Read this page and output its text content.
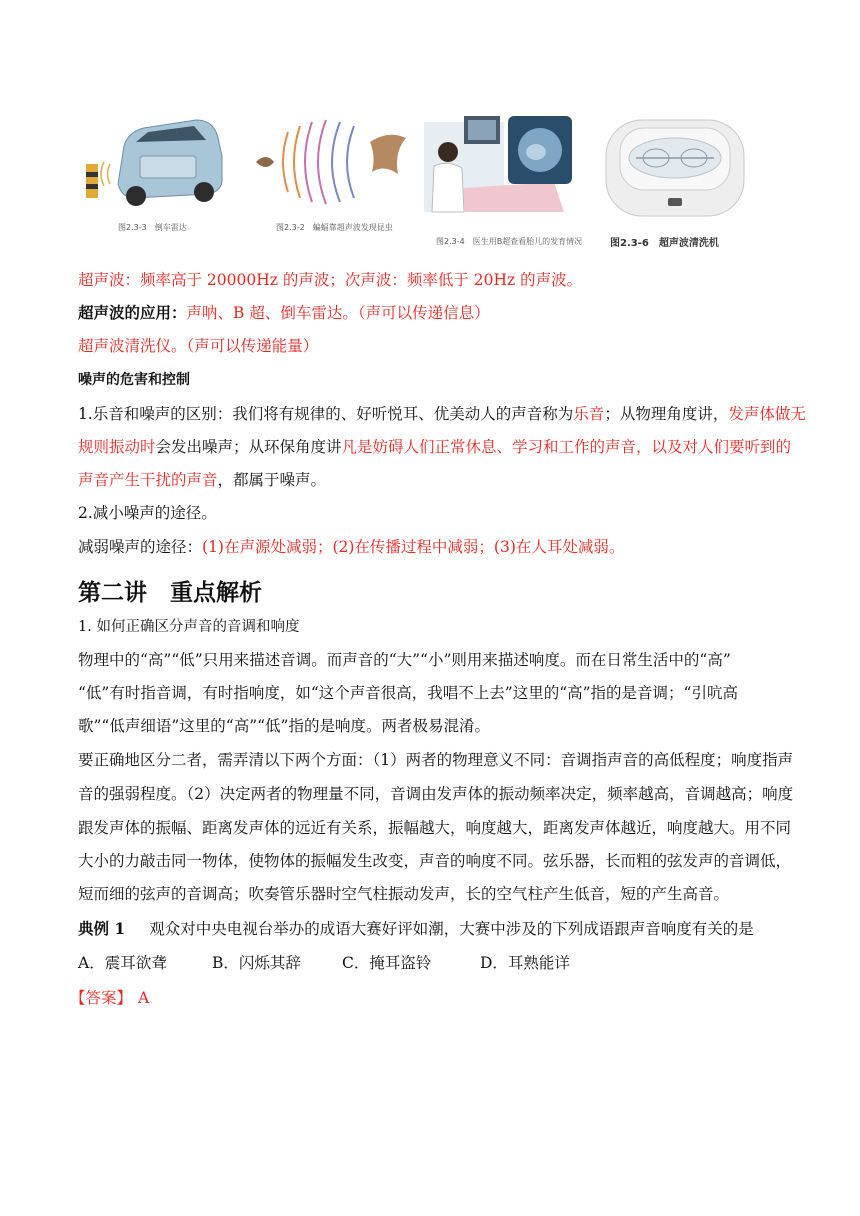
图2.3-3　倒车雷达	图2.3-2　蝙蝠靠超声波发现昆虫
图2.3-4　医生用B超查看胎儿的发育情况	图2.3-6　超声波清洗机
超声波：频率高于 20000Hz 的声波；次声波：频率低于 20Hz 的声波。
超声波的应用：声呐、B 超、倒车雷达。（声可以传递信息）
超声波清洗仪。（声可以传递能量）
噪声的危害和控制
1.乐音和噪声的区别：我们将有规律的、好听悦耳、优美动人的声音称为乐音；从物理角度讲，发声体做无
规则振动时会发出噪声；从环保角度讲凡是妨碍人们正常休息、学习和工作的声音，以及对人们要听到的
声音产生干扰的声音，都属于噪声。
2.减小噪声的途径。
减弱噪声的途径：(1)在声源处减弱；(2)在传播过程中减弱；(3)在人耳处减弱。
第二讲　重点解析
1. 如何正确区分声音的音调和响度
物理中的“高”“低”只用来描述音调。而声音的“大”“小”则用来描述响度。而在日常生活中的“高”
“低”有时指音调，有时指响度，如“这个声音很高，我唱不上去”这里的“高”指的是音调；“引吭高
歌”“低声细语”这里的“高”“低”指的是响度。两者极易混淆。
要正确地区分二者，需弄清以下两个方面：（1）两者的物理意义不同：音调指声音的高低程度；响度指声
音的强弱程度。（2）决定两者的物理量不同，音调由发声体的振动频率决定，频率越高，音调越高；响度
跟发声体的振幅、距离发声体的远近有关系，振幅越大，响度越大，距离发声体越近，响度越大。用不同
大小的力敲击同一物体，使物体的振幅发生改变，声音的响度不同。弦乐器，长而粗的弦发声的音调低，
短而细的弦声的音调高；吹奏管乐器时空气柱振动发声，长的空气柱产生低音，短的产生高音。
典例 1 观众对中央电视台举办的成语大赛好评如潮，大赛中涉及的下列成语跟声音响度有关的是
A．震耳欲聋	B．闪烁其辞	C．掩耳盗铃	D．耳熟能详
【答案】 A
